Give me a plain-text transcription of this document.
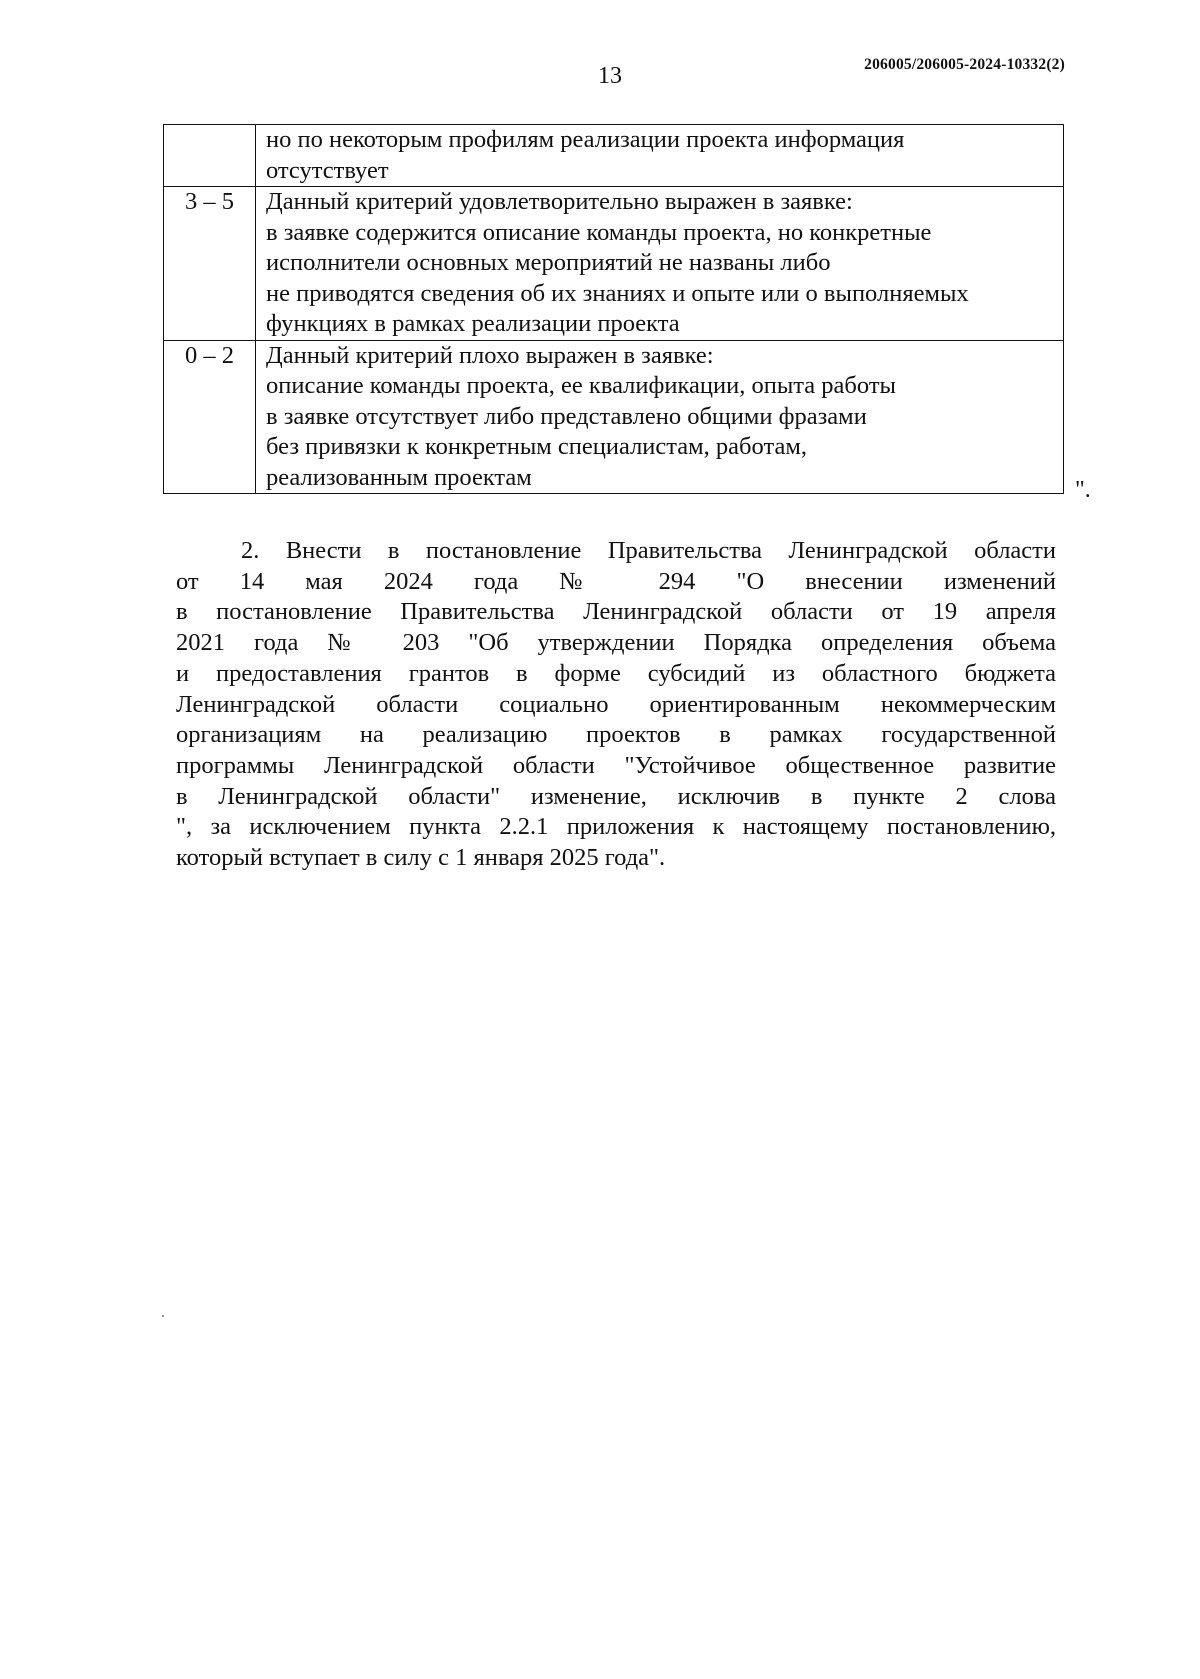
13	206005/206005-2024-10332(2)

	но по некоторым профилям реализации проекта информация
отсутствует

3 – 5	Данный критерий удовлетворительно выражен в заявке:
в заявке содержится описание команды проекта, но конкретные
исполнители основных мероприятий не названы либо
не приводятся сведения об их знаниях и опыте или о выполняемых
функциях в рамках реализации проекта

0 – 2	Данный критерий плохо выражен в заявке:
описание команды проекта, ее квалификации, опыта работы
в заявке отсутствует либо представлено общими фразами
без привязки к конкретным специалистам, работам,
реализованным проектам	".
2. Внести в постановление Правительства Ленинградской области
от 14 мая 2024 года № 294 "О внесении изменений
в постановление Правительства Ленинградской области от 19 апреля
2021 года № 203 "Об утверждении Порядка определения объема
и предоставления грантов в форме субсидий из областного бюджета
Ленинградской области социально ориентированным некоммерческим
организациям на реализацию проектов в рамках государственной
программы Ленинградской области "Устойчивое общественное развитие
в Ленинградской области" изменение, исключив в пункте 2 слова
", за исключением пункта 2.2.1 приложения к настоящему постановлению,
который вступает в силу с 1 января 2025 года".
